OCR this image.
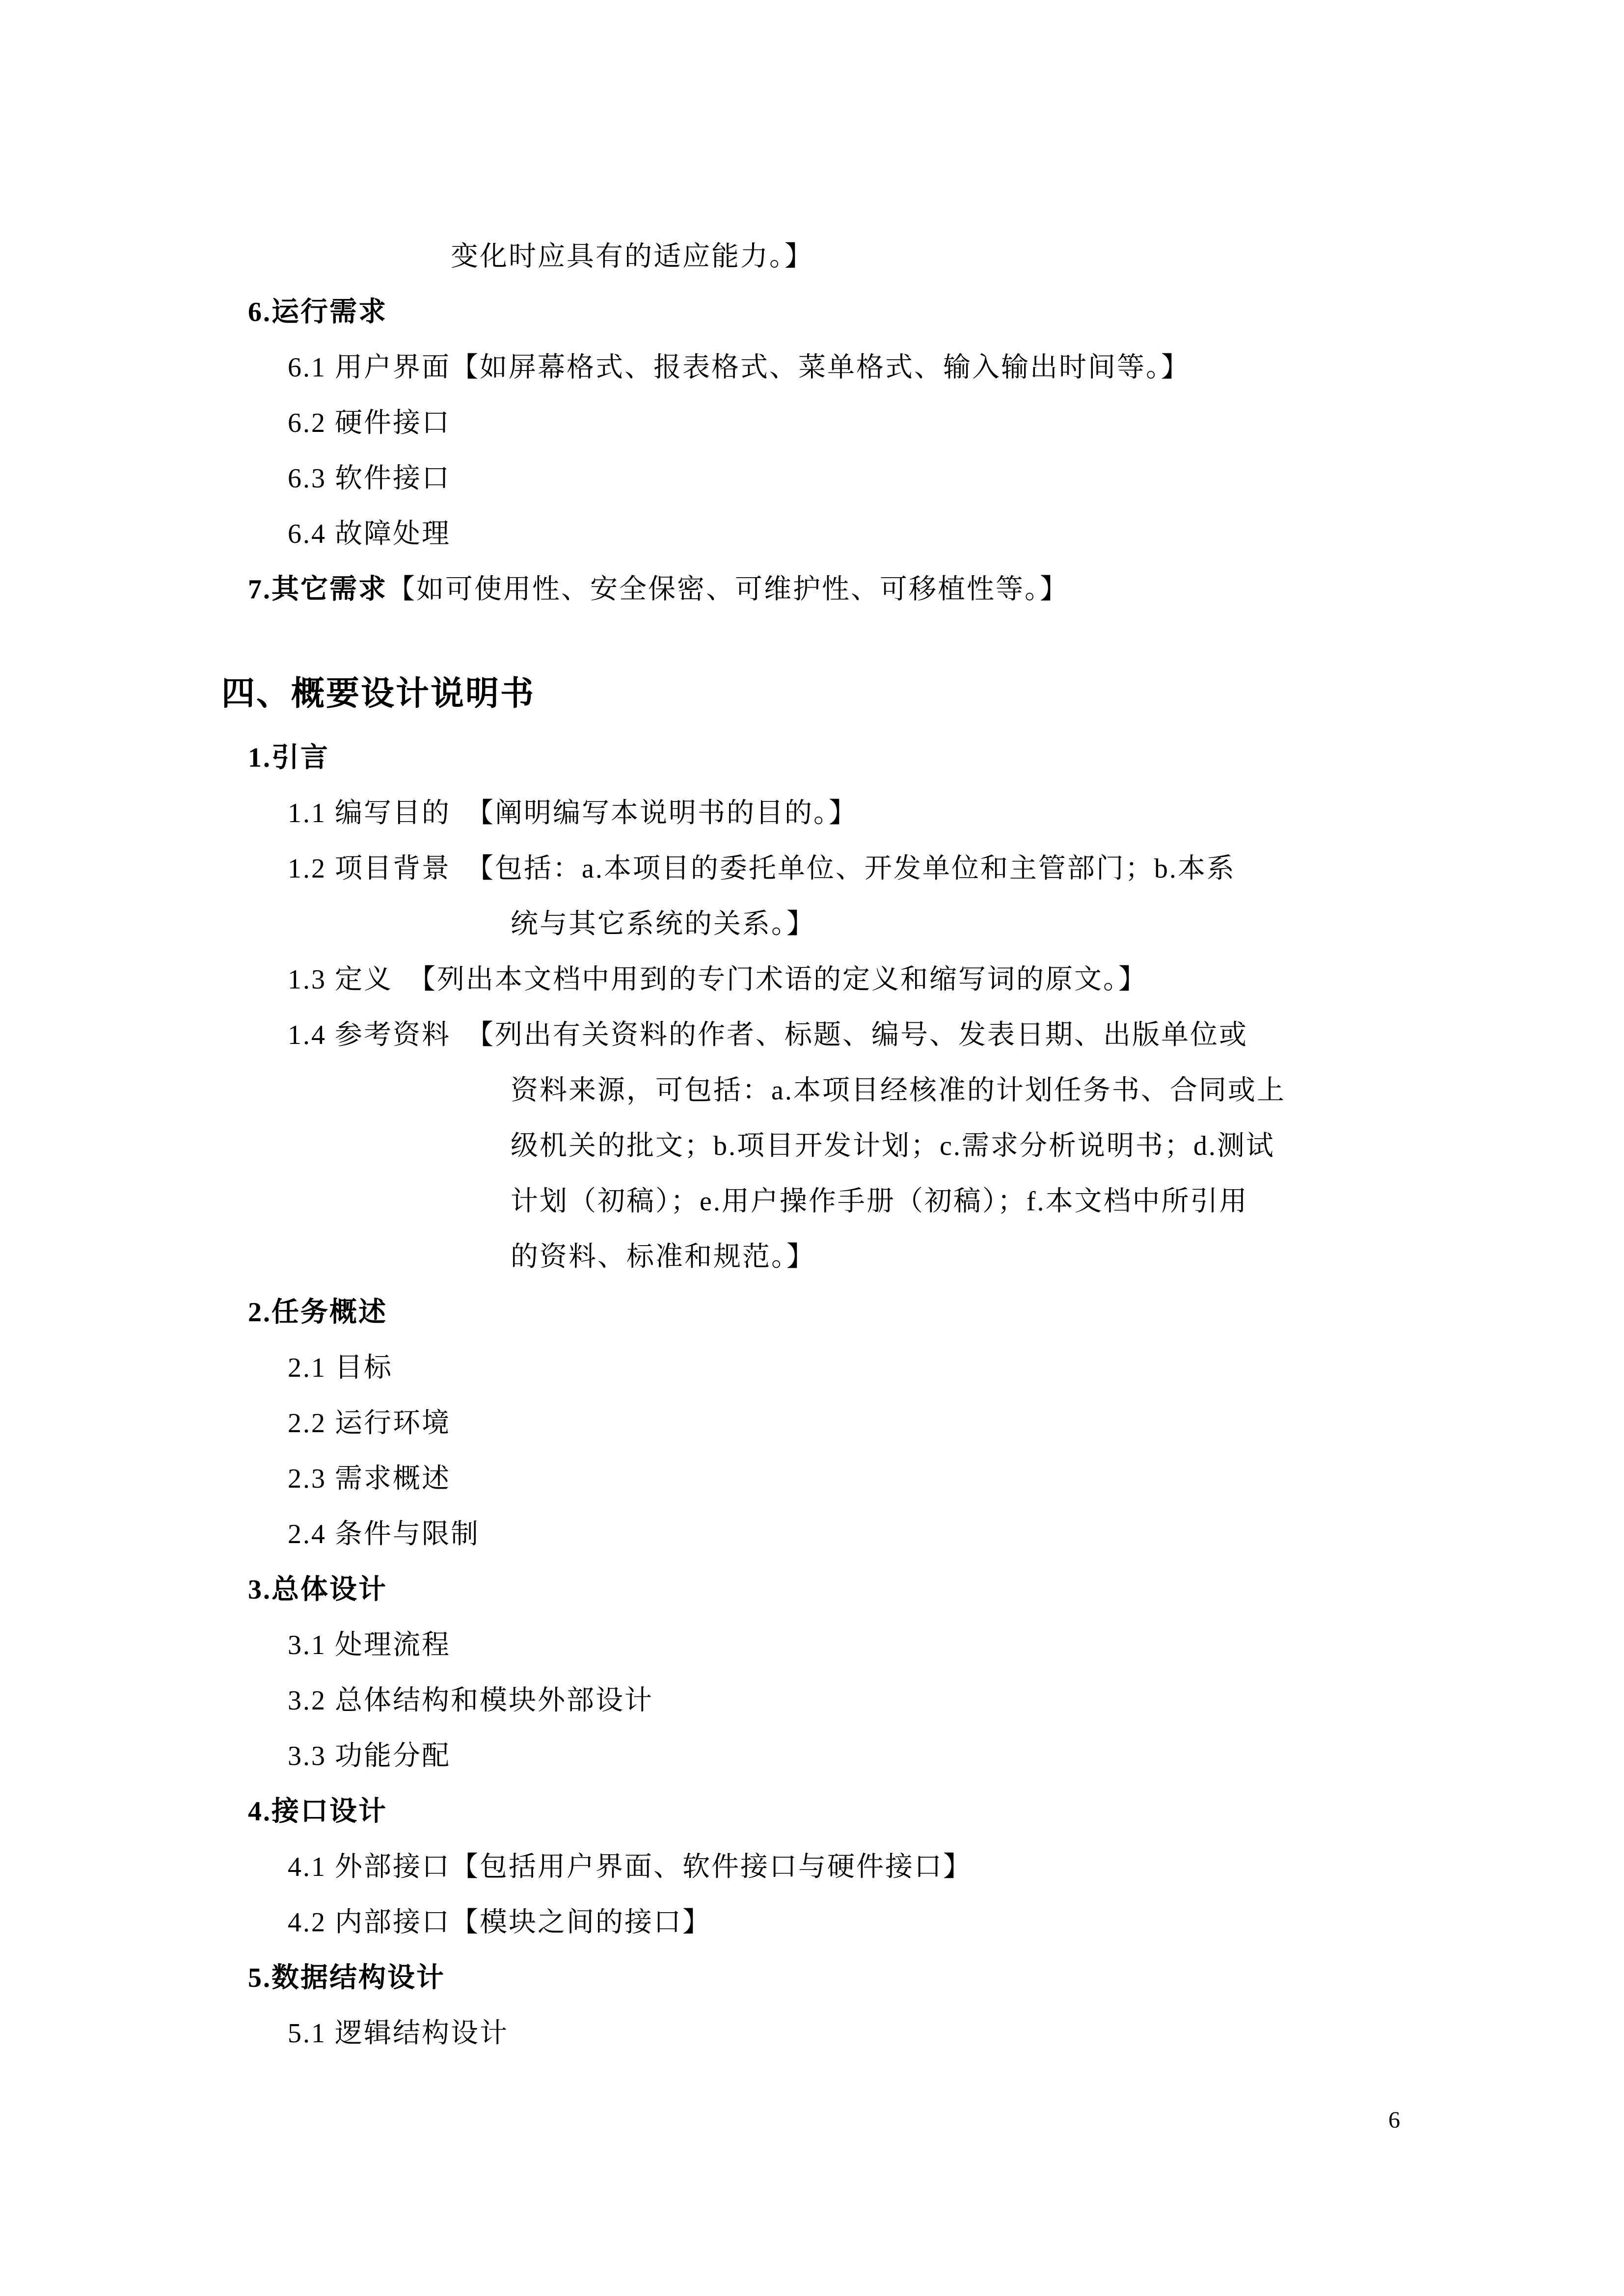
变化时应具有的适应能力。】
6.运行需求
6.1 用户界面【如屏幕格式、报表格式、菜单格式、输入输出时间等。】
6.2 硬件接口
6.3 软件接口
6.4 故障处理
7.其它需求【如可使用性、安全保密、可维护性、可移植性等。】
四、概要设计说明书
1.引言
1.1 编写目的　【阐明编写本说明书的目的。】
1.2 项目背景　【包括：a.本项目的委托单位、开发单位和主管部门；b.本系
统与其它系统的关系。】
1.3 定义　【列出本文档中用到的专门术语的定义和缩写词的原文。】
1.4 参考资料　【列出有关资料的作者、标题、编号、发表日期、出版单位或
资料来源，可包括：a.本项目经核准的计划任务书、合同或上
级机关的批文；b.项目开发计划；c.需求分析说明书；d.测试
计划（初稿）；e.用户操作手册（初稿）；f.本文档中所引用
的资料、标准和规范。】
2.任务概述
2.1 目标
2.2 运行环境
2.3 需求概述
2.4 条件与限制
3.总体设计
3.1 处理流程
3.2 总体结构和模块外部设计
3.3 功能分配
4.接口设计
4.1 外部接口【包括用户界面、软件接口与硬件接口】
4.2 内部接口【模块之间的接口】
5.数据结构设计
5.1 逻辑结构设计
6
